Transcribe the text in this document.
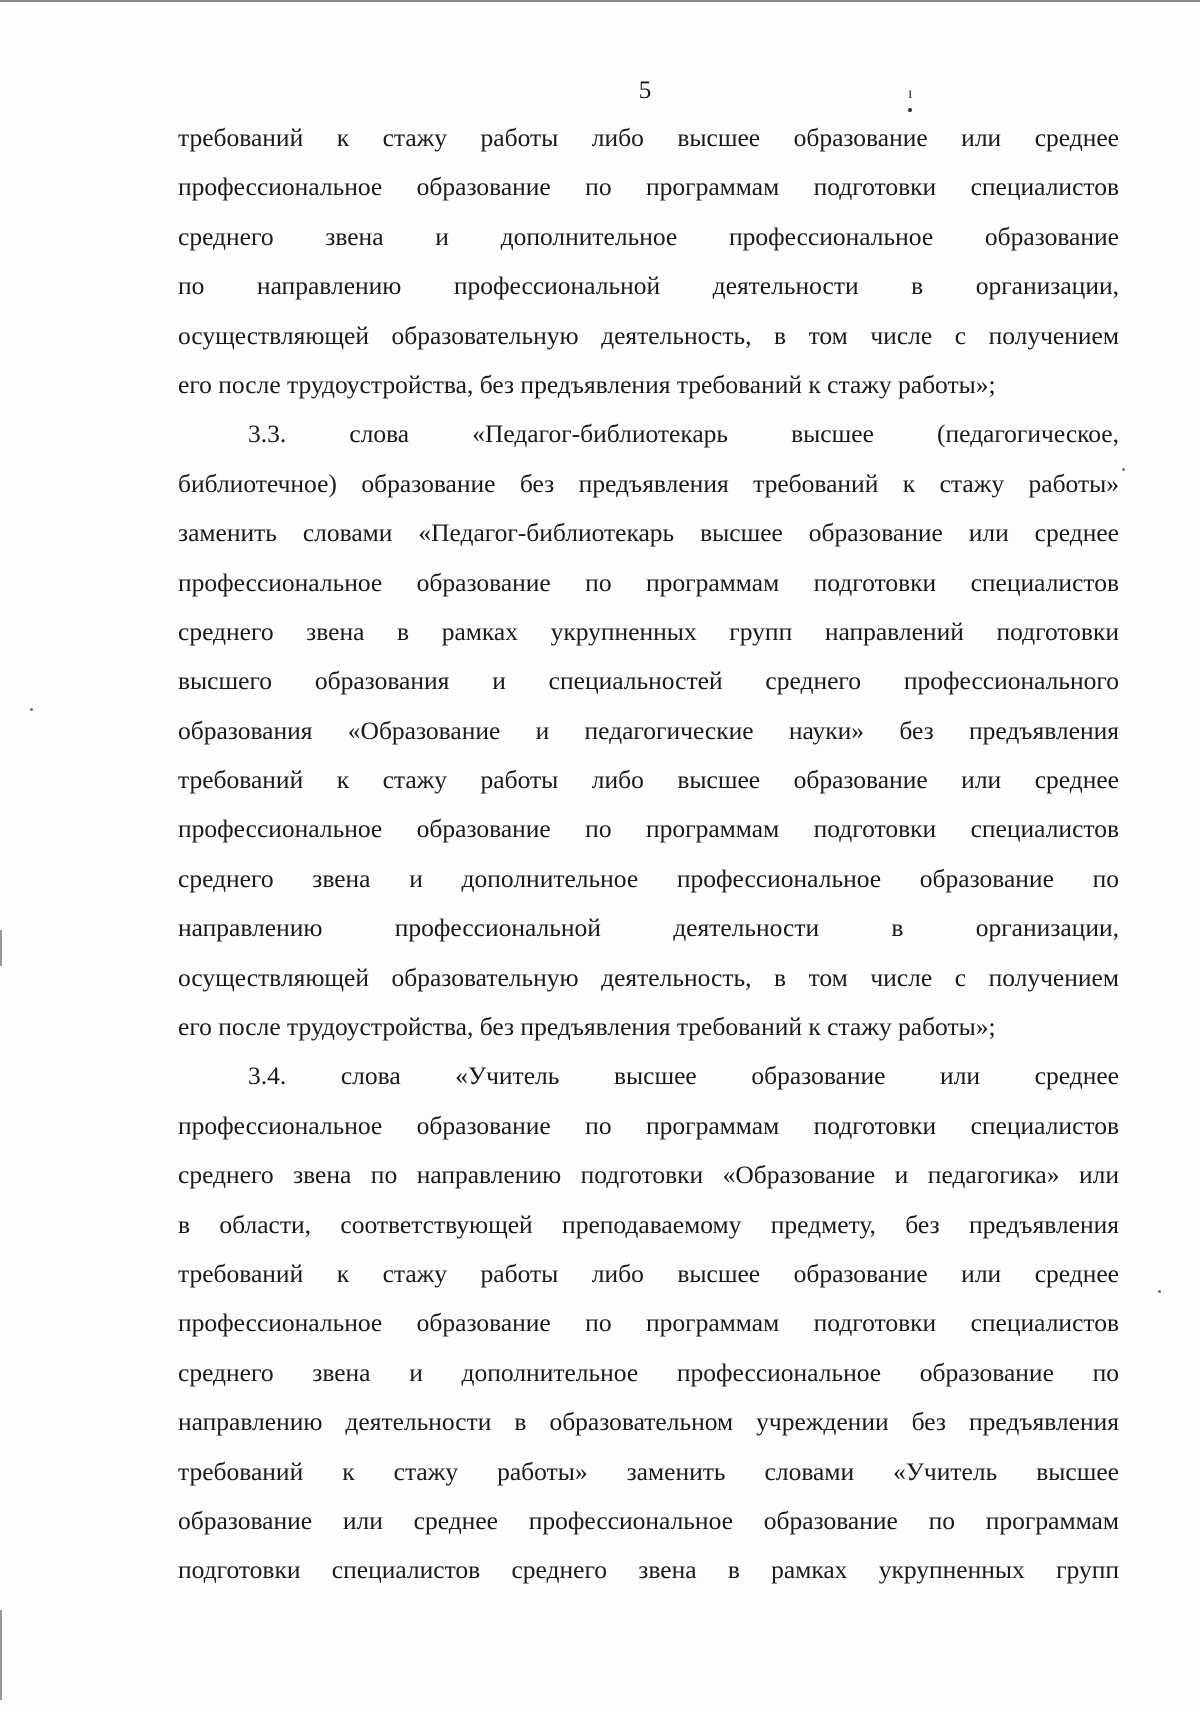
5	ı
требований к стажу работы либо высшее образование или среднее
профессиональное образование по программам подготовки специалистов
среднего звена и дополнительное профессиональное образование
по направлению профессиональной деятельности в организации,
осуществляющей образовательную деятельность, в том числе с получением
его после трудоустройства, без предъявления требований к стажу работы»;
3.3. слова «Педагог-библиотекарь высшее (педагогическое,
библиотечное) образование без предъявления требований к стажу работы»
заменить словами «Педагог-библиотекарь высшее образование или среднее
профессиональное образование по программам подготовки специалистов
среднего звена в рамках укрупненных групп направлений подготовки
высшего образования и специальностей среднего профессионального
образования «Образование и педагогические науки» без предъявления
требований к стажу работы либо высшее образование или среднее
профессиональное образование по программам подготовки специалистов
среднего звена и дополнительное профессиональное образование по
направлению профессиональной деятельности в организации,
осуществляющей образовательную деятельность, в том числе с получением
его после трудоустройства, без предъявления требований к стажу работы»;
3.4. слова «Учитель высшее образование или среднее
профессиональное образование по программам подготовки специалистов
среднего звена по направлению подготовки «Образование и педагогика» или
в области, соответствующей преподаваемому предмету, без предъявления
требований к стажу работы либо высшее образование или среднее
профессиональное образование по программам подготовки специалистов
среднего звена и дополнительное профессиональное образование по
направлению деятельности в образовательном учреждении без предъявления
требований к стажу работы» заменить словами «Учитель высшее
образование или среднее профессиональное образование по программам
подготовки специалистов среднего звена в рамках укрупненных групп
